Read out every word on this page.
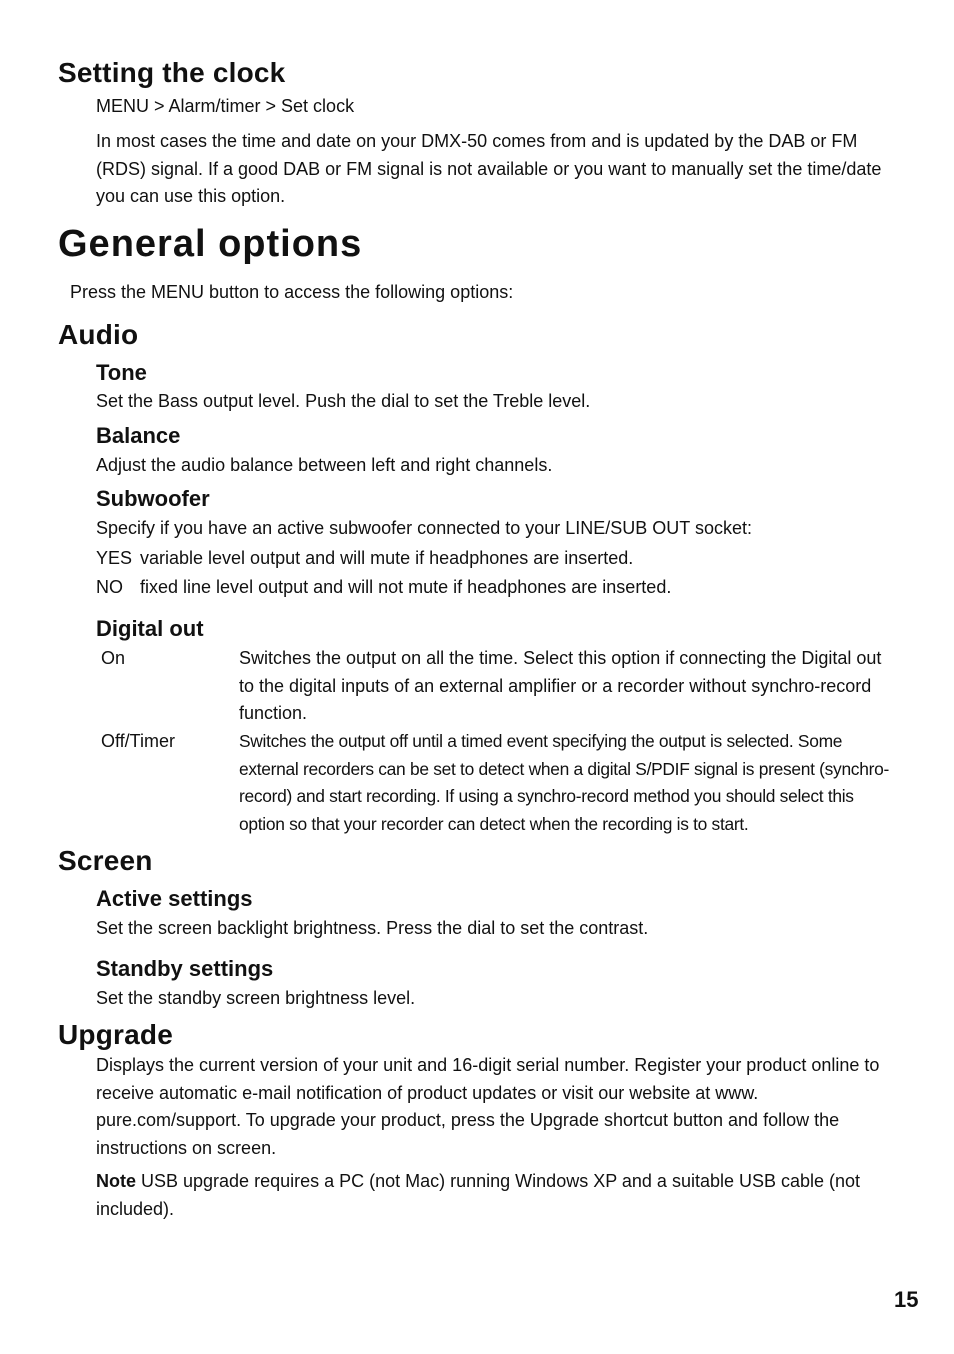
Setting the clock

MENU > Alarm/timer > Set clock

In most cases the time and date on your DMX-50 comes from and is updated by the DAB or FM (RDS) signal. If a good DAB or FM signal is not available or you want to manually set the time/date you can use this option.

General options

Press the MENU button to access the following options:

Audio
Tone

Set the Bass output level. Push the dial to set the Treble level.

Balance

Adjust the audio balance between left and right channels.

Subwoofer

Specify if you have an active subwoofer connected to your LINE/SUB OUT socket:

YES variable level output and will mute if headphones are inserted.

NO fixed line level output and will not mute if headphones are inserted.

Digital out

On	Switches the output on all the time. Select this option if connecting the Digital out to the digital inputs of an external amplifier or a recorder without synchro-record function.

Off/Timer	Switches the output off until a timed event specifying the output is selected. Some external recorders can be set to detect when a digital S/PDIF signal is present (synchro-record) and start recording. If using a synchro-record method you should select this option so that your recorder can detect when the recording is to start.

Screen
Active settings

Set the screen backlight brightness. Press the dial to set the contrast.

Standby settings

Set the standby screen brightness level.

Upgrade

Displays the current version of your unit and 16-digit serial number. Register your product online to receive automatic e-mail notification of product updates or visit our website at www. pure.com/support. To upgrade your product, press the Upgrade shortcut button and follow the instructions on screen.

Note USB upgrade requires a PC (not Mac) running Windows XP and a suitable USB cable (not included).

15
